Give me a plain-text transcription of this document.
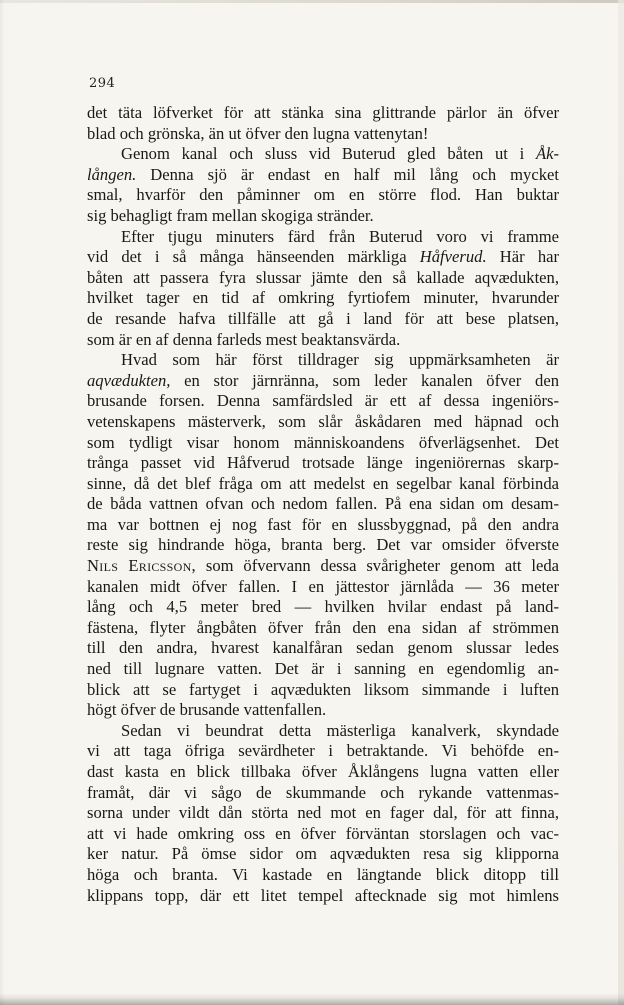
294
det täta löfverket för att stänka sina glittrande pärlor än öfver
blad och grönska, än ut öfver den lugna vattenytan!
Genom kanal och sluss vid Buterud gled båten ut i Åk-
lången. Denna sjö är endast en half mil lång och mycket
smal, hvarför den påminner om en större flod. Han buktar
sig behagligt fram mellan skogiga stränder.
Efter tjugu minuters färd från Buterud voro vi framme
vid det i så många hänseenden märkliga Håfverud. Här har
båten att passera fyra slussar jämte den så kallade aqvædukten,
hvilket tager en tid af omkring fyrtiofem minuter, hvarunder
de resande hafva tillfälle att gå i land för att bese platsen,
som är en af denna farleds mest beaktansvärda.
Hvad som här först tilldrager sig uppmärksamheten är
aqvædukten, en stor järnränna, som leder kanalen öfver den
brusande forsen. Denna samfärdsled är ett af dessa ingeniörs-
vetenskapens mästerverk, som slår åskådaren med häpnad och
som tydligt visar honom människoandens öfverlägsenhet. Det
trånga passet vid Håfverud trotsade länge ingeniörernas skarp-
sinne, då det blef fråga om att medelst en segelbar kanal förbinda
de båda vattnen ofvan och nedom fallen. På ena sidan om desam-
ma var bottnen ej nog fast för en slussbyggnad, på den andra
reste sig hindrande höga, branta berg. Det var omsider öfverste
Nils Ericsson, som öfvervann dessa svårigheter genom att leda
kanalen midt öfver fallen. I en jättestor järnlåda — 36 meter
lång och 4,5 meter bred — hvilken hvilar endast på land-
fästena, flyter ångbåten öfver från den ena sidan af strömmen
till den andra, hvarest kanalfåran sedan genom slussar ledes
ned till lugnare vatten. Det är i sanning en egendomlig an-
blick att se fartyget i aqvædukten liksom simmande i luften
högt öfver de brusande vattenfallen.
Sedan vi beundrat detta mästerliga kanalverk, skyndade
vi att taga öfriga sevärdheter i betraktande. Vi behöfde en-
dast kasta en blick tillbaka öfver Åklångens lugna vatten eller
framåt, där vi sågo de skummande och rykande vattenmas-
sorna under vildt dån störta ned mot en fager dal, för att finna,
att vi hade omkring oss en öfver förväntan storslagen och vac-
ker natur. På ömse sidor om aqvædukten resa sig klipporna
höga och branta. Vi kastade en längtande blick ditopp till
klippans topp, där ett litet tempel aftecknade sig mot himlens
